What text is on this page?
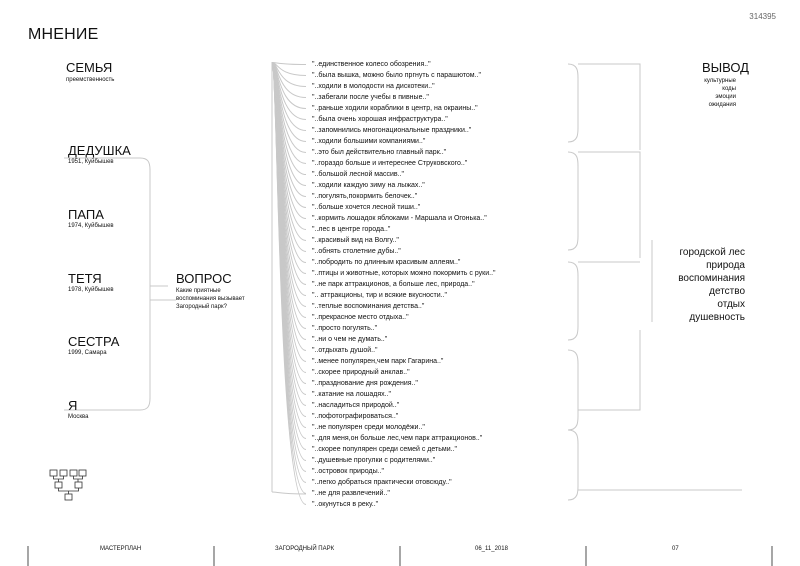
314395
МНЕНИЕ
СЕМЬЯ
преемственность
ДЕДУШКА
1951, Куйбышев
ПАПА
1974, Куйбышев
ТЕТЯ
1978, Куйбышев
СЕСТРА
1999, Самара
Я
Москва
ВОПРОС
Какие приятные воспоминания вызывает Загородный парк?
"..единственное колесо обозрения.."
"..была вышка, можно было пргнуть с парашютом.."
"..ходили в молодости на дискотеки.."
"..забегали после учебы в пивные.."
"..раньше ходили кораблики в центр, на окраины.."
"..была очень хорошая инфраструктура.."
"..запомнились многонациональные праздники.."
"..ходили большими компаниями.."
"..это был действительно главный парк.."
"..гораздо больше и интереснее Струковского.."
"..большой лесной массив.."
"..ходили каждую зиму на лыжах.."
"..погулять,покормить белочек.."
"..больше хочется лесной тиши.."
"..кормить лошадок яблоками - Маршала и Огонька.."
"..лес в центре города.."
"..красивый вид на Волгу.."
"..обнять столетние дубы.."
"..побродить по длинным красивым аллеям.."
"..птицы и животные, которых можно покормить с руки.."
"..не парк аттракционов, а больше лес, природа.."
".. аттракционы, тир и всякие вкусности.."
"..теплые воспоминания детства.."
"..прекрасное место отдыха.."
"..просто погулять.."
"..ни о чем не думать.."
"..отдыхать душой.."
"..менее популярен,чем парк Гагарина.."
"..скорее природный анклав.."
"..празднование дня рождения.."
"..катание на лошадях.."
"..насладиться природой.."
"..пофотографироваться.."
"..не популярен среди молодёжи.."
"..для меня,он больше лес,чем парк аттракционов.."
"..скорее популярен среди семей с детьми.."
"..душевные прогулки с родителями.."
"..островок природы.."
"..легко добраться практически отовсюду.."
"..не для развлечений.."
"..окунуться в реку.."
ВЫВОД
культурные
коды
эмоции
ожидания
городской лес
природа
воспоминания
детство
отдых
душевность
МАСТЕРПЛАН	ЗАГОРОДНЫЙ ПАРК	06_11_2018	07
